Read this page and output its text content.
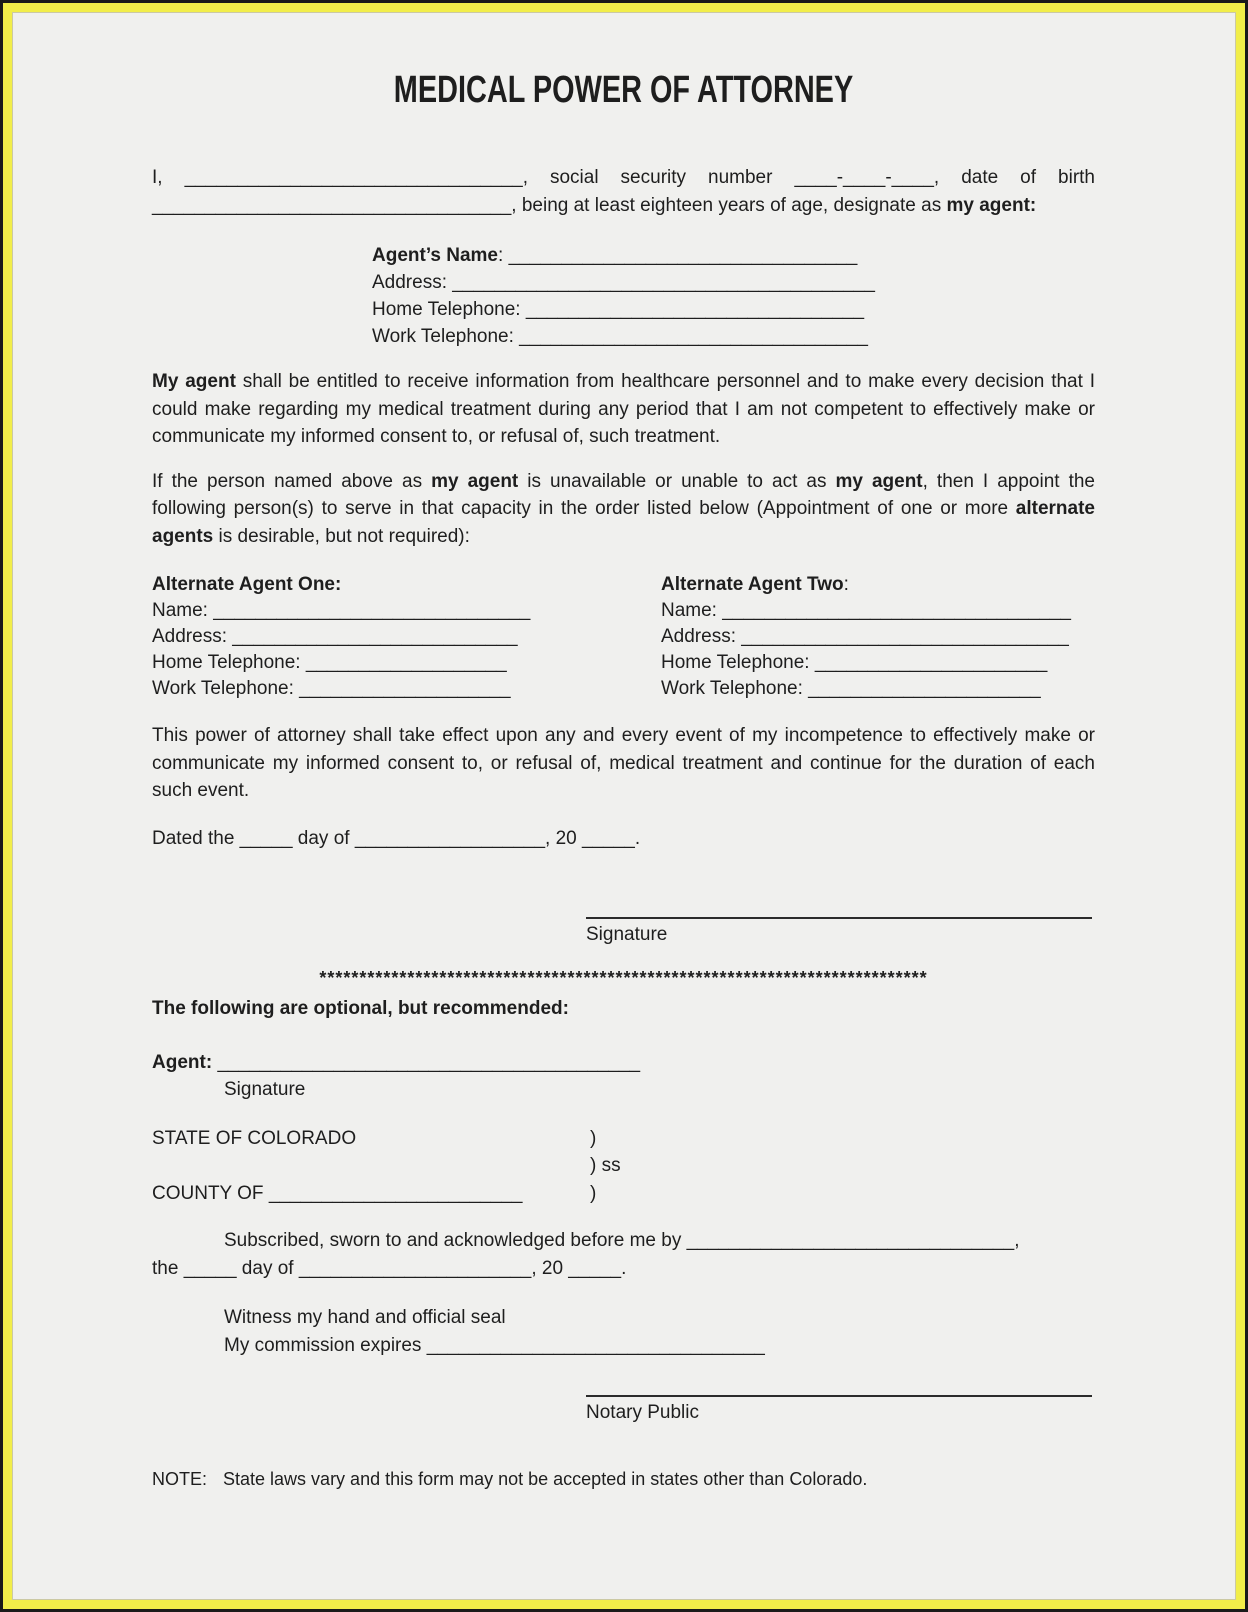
MEDICAL POWER OF ATTORNEY

I, ________________________________, social security number ____-____-____, date of birth __________________________________, being at least eighteen years of age, designate as my agent:

Agent’s Name: _________________________________
Address: ________________________________________
Home Telephone: ________________________________
Work Telephone: _________________________________

My agent shall be entitled to receive information from healthcare personnel and to make every decision that I could make regarding my medical treatment during any period that I am not competent to effectively make or communicate my informed consent to, or refusal of, such treatment.

If the person named above as my agent is unavailable or unable to act as my agent, then I appoint the following person(s) to serve in that capacity in the order listed below (Appointment of one or more alternate agents is desirable, but not required):

Alternate Agent One:
Name: ______________________________
Address: ___________________________
Home Telephone: ___________________
Work Telephone: ____________________
Alternate Agent Two:
Name: _________________________________
Address: _______________________________
Home Telephone: ______________________
Work Telephone: ______________________

This power of attorney shall take effect upon any and every event of my incompetence to effectively make or communicate my informed consent to, or refusal of, medical treatment and continue for the duration of each such event.

Dated the _____ day of __________________, 20 _____.
Signature
****************************************************************************
The following are optional, but recommended:
Agent: ________________________________________
Signature
STATE OF COLORADO	)
) ss

COUNTY OF ________________________	)
Subscribed, sworn to and acknowledged before me by _______________________________,
the _____ day of ______________________, 20 _____.
Witness my hand and official seal
My commission expires ________________________________
Notary Public
NOTE: State laws vary and this form may not be accepted in states other than Colorado.
